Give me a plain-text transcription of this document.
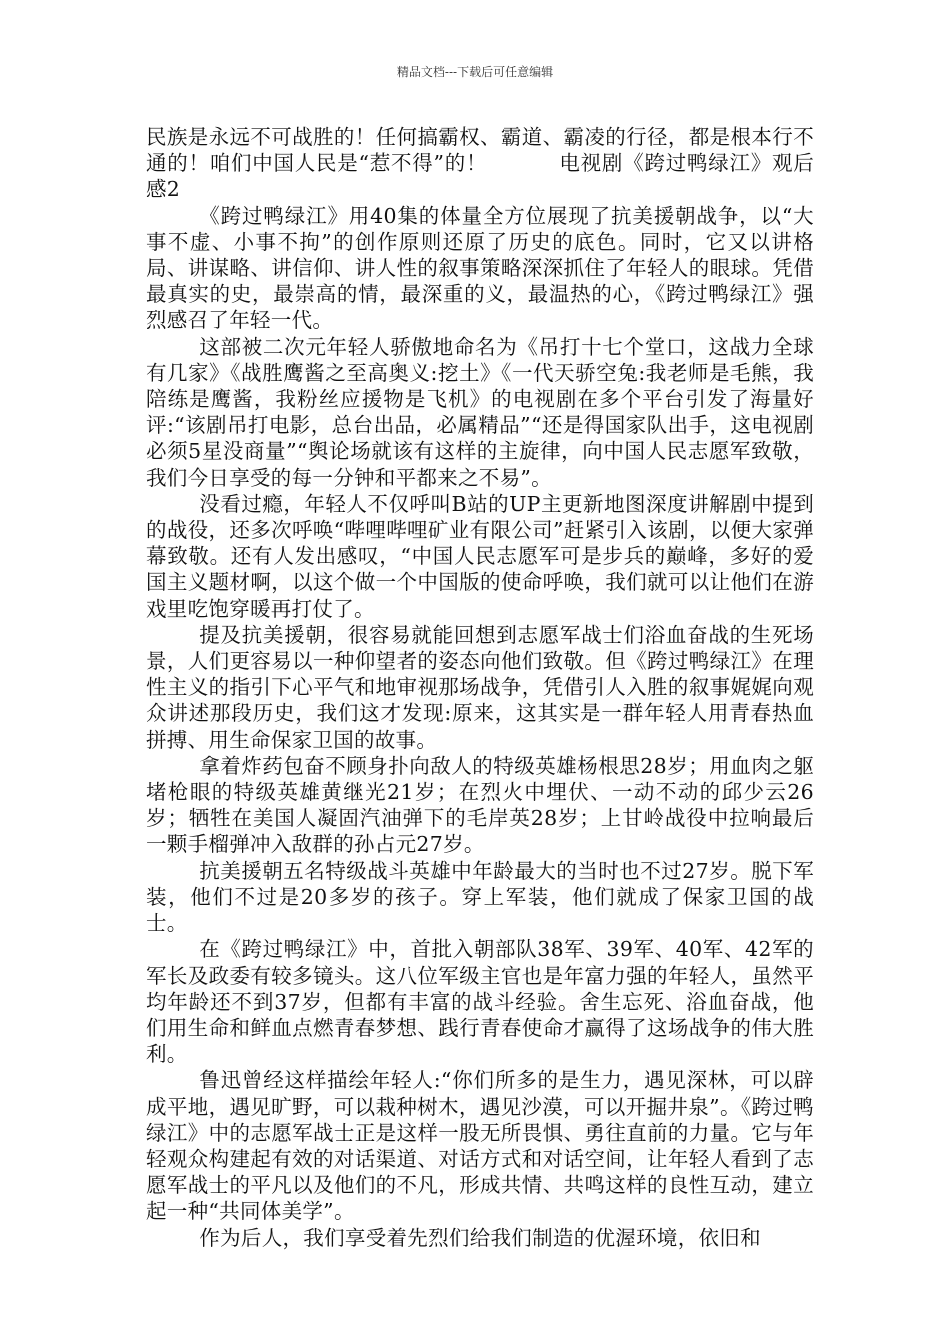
精品文档---下载后可任意编辑

民族是永远不可战胜的！任何搞霸权、霸道、霸凌的行径，都是根本行不通的！咱们中国人民是“惹不得”的！	电视剧《跨过鸭绿江》观后感2

《跨过鸭绿江》用40集的体量全方位展现了抗美援朝战争，以“大事不虚、小事不拘”的创作原则还原了历史的底色。同时，它又以讲格局、讲谋略、讲信仰、讲人性的叙事策略深深抓住了年轻人的眼球。凭借最真实的史，最崇高的情，最深重的义，最温热的心，《跨过鸭绿江》强烈感召了年轻一代。

这部被二次元年轻人骄傲地命名为《吊打十七个堂口，这战力全球有几家》《战胜鹰酱之至高奥义:挖土》《一代天骄空兔:我老师是毛熊，我陪练是鹰酱，我粉丝应援物是飞机》的电视剧在多个平台引发了海量好评:“该剧吊打电影，总台出品，必属精品”“还是得国家队出手，这电视剧必须5星没商量”“舆论场就该有这样的主旋律，向中国人民志愿军致敬，我们今日享受的每一分钟和平都来之不易”。

没看过瘾，年轻人不仅呼叫B站的UP主更新地图深度讲解剧中提到的战役，还多次呼唤“哔哩哔哩矿业有限公司”赶紧引入该剧，以便大家弹幕致敬。还有人发出感叹，“中国人民志愿军可是步兵的巅峰，多好的爱国主义题材啊，以这个做一个中国版的使命呼唤，我们就可以让他们在游戏里吃饱穿暖再打仗了。

提及抗美援朝，很容易就能回想到志愿军战士们浴血奋战的生死场景，人们更容易以一种仰望者的姿态向他们致敬。但《跨过鸭绿江》在理性主义的指引下心平气和地审视那场战争，凭借引人入胜的叙事娓娓向观众讲述那段历史，我们这才发现:原来，这其实是一群年轻人用青春热血拼搏、用生命保家卫国的故事。

拿着炸药包奋不顾身扑向敌人的特级英雄杨根思28岁；用血肉之躯堵枪眼的特级英雄黄继光21岁；在烈火中埋伏、一动不动的邱少云26岁；牺牲在美国人凝固汽油弹下的毛岸英28岁；上甘岭战役中拉响最后一颗手榴弹冲入敌群的孙占元27岁。

抗美援朝五名特级战斗英雄中年龄最大的当时也不过27岁。脱下军装，他们不过是20多岁的孩子。穿上军装，他们就成了保家卫国的战士。

在《跨过鸭绿江》中，首批入朝部队38军、39军、40军、42军的军长及政委有较多镜头。这八位军级主官也是年富力强的年轻人，虽然平均年龄还不到37岁，但都有丰富的战斗经验。舍生忘死、浴血奋战，他们用生命和鲜血点燃青春梦想、践行青春使命才赢得了这场战争的伟大胜利。

鲁迅曾经这样描绘年轻人:“你们所多的是生力，遇见深林，可以辟成平地，遇见旷野，可以栽种树木，遇见沙漠，可以开掘井泉”。《跨过鸭绿江》中的志愿军战士正是这样一股无所畏惧、勇往直前的力量。它与年轻观众构建起有效的对话渠道、对话方式和对话空间，让年轻人看到了志愿军战士的平凡以及他们的不凡，形成共情、共鸣这样的良性互动，建立起一种“共同体美学”。

作为后人，我们享受着先烈们给我们制造的优渥环境，依旧和
